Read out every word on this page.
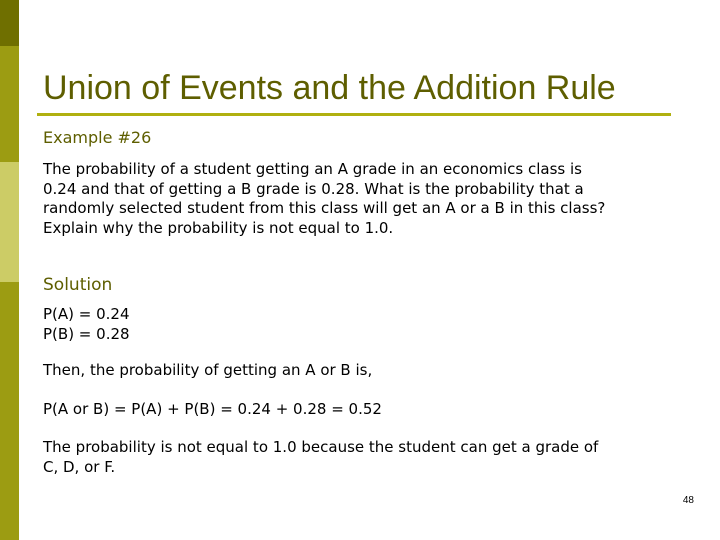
Union of Events and the Addition Rule
Example #26
The probability of a student getting an A grade in an economics class is
0.24 and that of getting a B grade is 0.28. What is the probability that a
randomly selected student from this class will get an A or a B in this class?
Explain why the probability is not equal to 1.0.
Solution
P(A) = 0.24
P(B) = 0.28
Then, the probability of getting an A or B is,
P(A or B) = P(A) + P(B) = 0.24 + 0.28 = 0.52
The probability is not equal to 1.0 because the student can get a grade of
C, D, or F.
48
